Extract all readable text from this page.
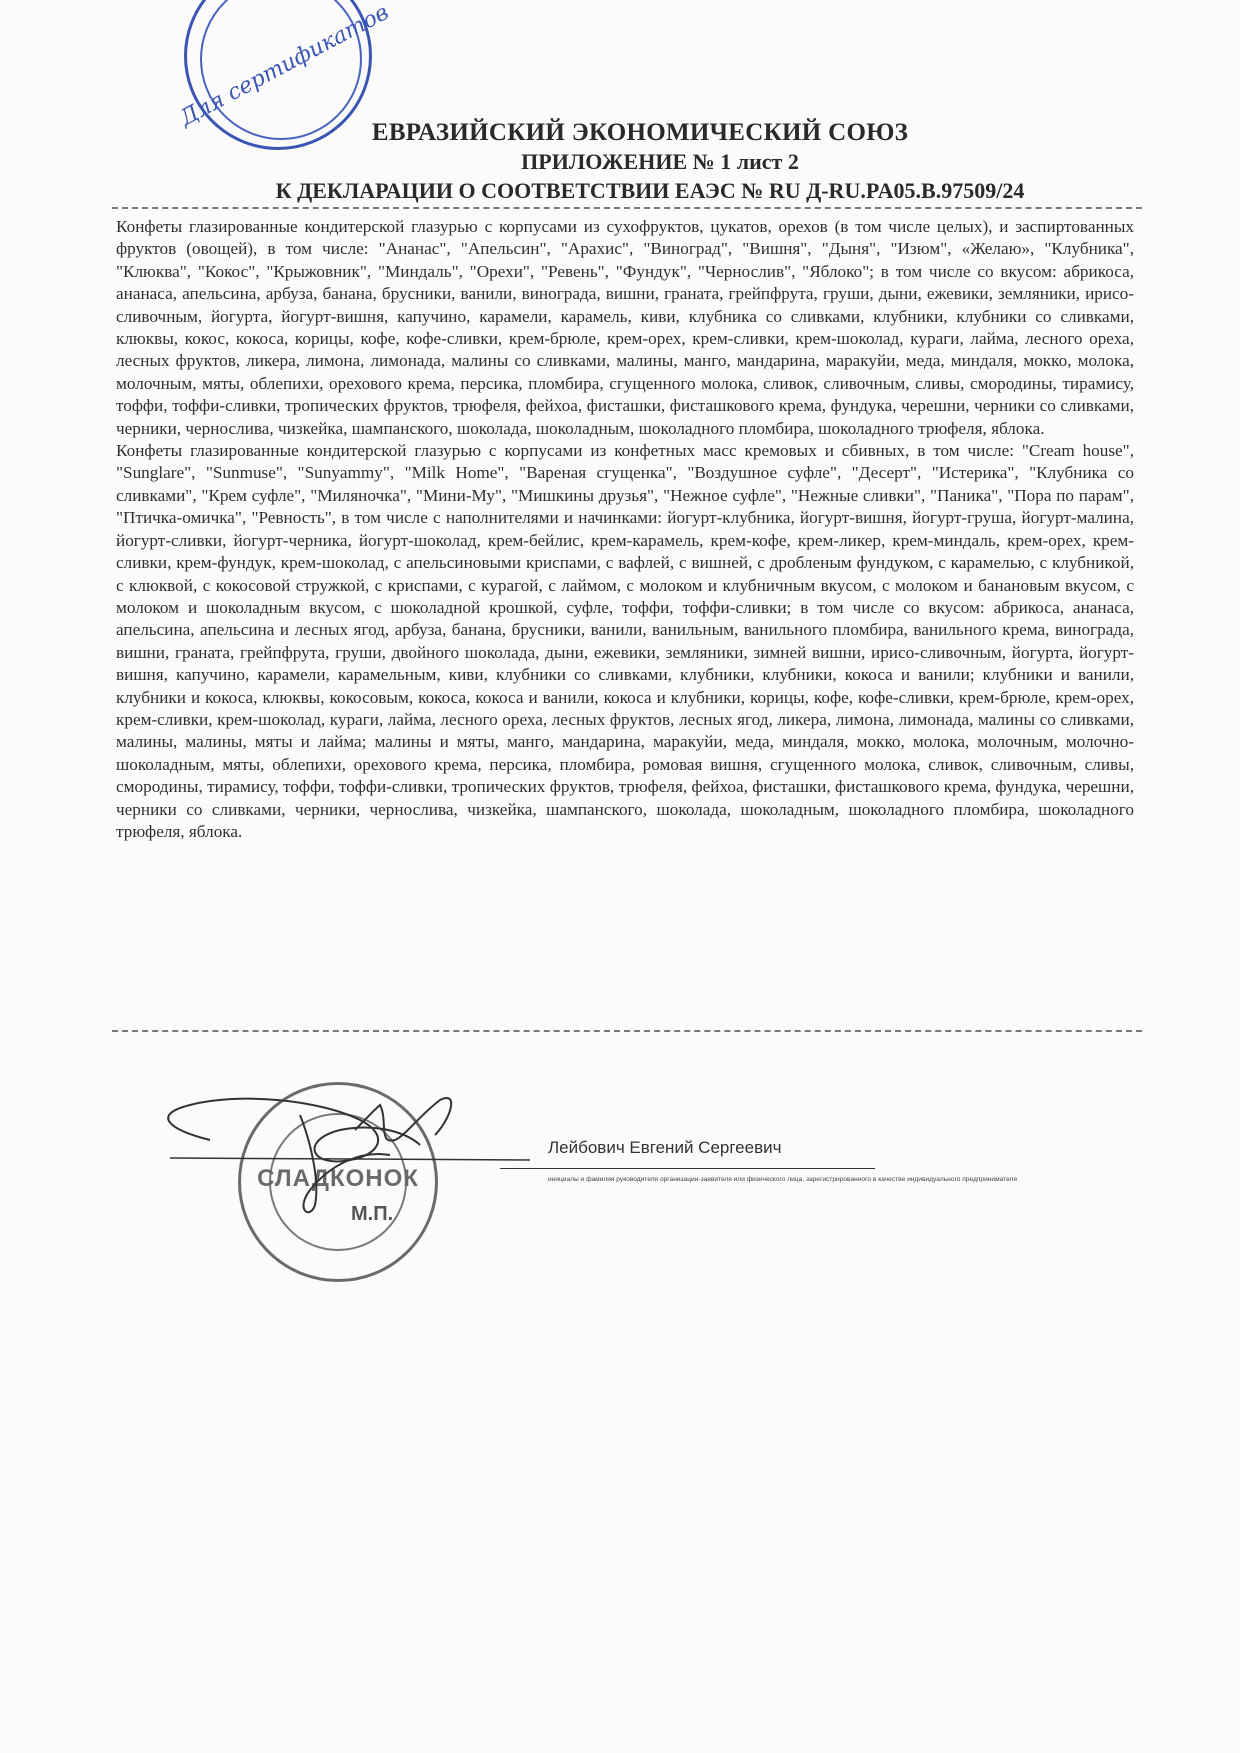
Для сертификатов
ЕВРАЗИЙСКИЙ ЭКОНОМИЧЕСКИЙ СОЮЗ
ПРИЛОЖЕНИЕ № 1 лист 2
К ДЕКЛАРАЦИИ О СООТВЕТСТВИИ ЕАЭС № RU Д-RU.PA05.В.97509/24

Конфеты глазированные кондитерской глазурью с корпусами из сухофруктов, цукатов, орехов (в том числе целых), и заспиртованных фруктов (овощей), в том числе: "Ананас", "Апельсин", "Арахис", "Виноград", "Вишня", "Дыня", "Изюм", «Желаю», "Клубника", "Клюква", "Кокос", "Крыжовник", "Миндаль", "Орехи", "Ревень", "Фундук", "Чернослив", "Яблоко"; в том числе со вкусом: абрикоса, ананаса, апельсина, арбуза, банана, брусники, ванили, винограда, вишни, граната, грейпфрута, груши, дыни, ежевики, земляники, ирисо-сливочным, йогурта, йогурт-вишня, капучино, карамели, карамель, киви, клубника со сливками, клубники, клубники со сливками, клюквы, кокос, кокоса, корицы, кофе, кофе-сливки, крем-брюле, крем-орех, крем-сливки, крем-шоколад, кураги, лайма, лесного ореха, лесных фруктов, ликера, лимона, лимонада, малины со сливками, малины, манго, мандарина, маракуйи, меда, миндаля, мокко, молока, молочным, мяты, облепихи, орехового крема, персика, пломбира, сгущенного молока, сливок, сливочным, сливы, смородины, тирамису, тоффи, тоффи-сливки, тропических фруктов, трюфеля, фейхоа, фисташки, фисташкового крема, фундука, черешни, черники со сливками, черники, чернослива, чизкейка, шампанского, шоколада, шоколадным, шоколадного пломбира, шоколадного трюфеля, яблока.

Конфеты глазированные кондитерской глазурью с корпусами из конфетных масс кремовых и сбивных, в том числе: "Cream house", "Sunglare", "Sunmuse", "Sunyammy", "Milk Home", "Вареная сгущенка", "Воздушное суфле", "Десерт", "Истерика", "Клубника со сливками", "Крем суфле", "Миляночка", "Мини-Му", "Мишкины друзья", "Нежное суфле", "Нежные сливки", "Паника", "Пора по парам", "Птичка-омичка", "Ревность", в том числе с наполнителями и начинками: йогурт-клубника, йогурт-вишня, йогурт-груша, йогурт-малина, йогурт-сливки, йогурт-черника, йогурт-шоколад, крем-бейлис, крем-карамель, крем-кофе, крем-ликер, крем-миндаль, крем-орех, крем-сливки, крем-фундук, крем-шоколад, с апельсиновыми криспами, с вафлей, с вишней, с дробленым фундуком, с карамелью, с клубникой, с клюквой, с кокосовой стружкой, с криспами, с курагой, с лаймом, с молоком и клубничным вкусом, с молоком и банановым вкусом, с молоком и шоколадным вкусом, с шоколадной крошкой, суфле, тоффи, тоффи-сливки; в том числе со вкусом: абрикоса, ананаса, апельсина, апельсина и лесных ягод, арбуза, банана, брусники, ванили, ванильным, ванильного пломбира, ванильного крема, винограда, вишни, граната, грейпфрута, груши, двойного шоколада, дыни, ежевики, земляники, зимней вишни, ирисо-сливочным, йогурта, йогурт-вишня, капучино, карамели, карамельным, киви, клубники со сливками, клубники, клубники, кокоса и ванили; клубники и ванили, клубники и кокоса, клюквы, кокосовым, кокоса, кокоса и ванили, кокоса и клубники, корицы, кофе, кофе-сливки, крем-брюле, крем-орех, крем-сливки, крем-шоколад, кураги, лайма, лесного ореха, лесных фруктов, лесных ягод, ликера, лимона, лимонада, малины со сливками, малины, малины, мяты и лайма; малины и мяты, манго, мандарина, маракуйи, меда, миндаля, мокко, молока, молочным, молочно-шоколадным, мяты, облепихи, орехового крема, персика, пломбира, ромовая вишня, сгущенного молока, сливок, сливочным, сливы, смородины, тирамису, тоффи, тоффи-сливки, тропических фруктов, трюфеля, фейхоа, фисташки, фисташкового крема, фундука, черешни, черники со сливками, черники, чернослива, чизкейка, шампанского, шоколада, шоколадным, шоколадного пломбира, шоколадного трюфеля, яблока.

СЛАДКОНОК
М.П.
Лейбович Евгений Сергеевич
инициалы и фамилия руководителя организации-заявителя или физического лица, зарегистрированного в качестве индивидуального предпринимателя
